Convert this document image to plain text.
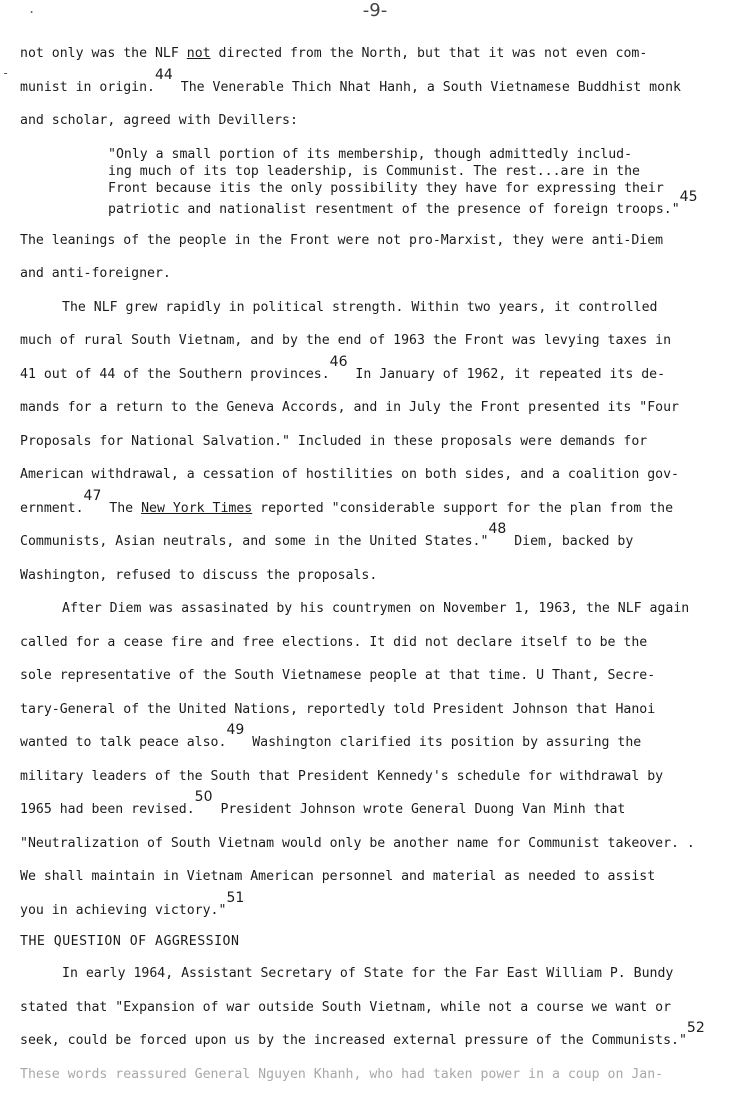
-9-
.
-
not only was the NLF not directed from the North, but that it was not even com-
munist in origin.$^{44}$ The Venerable Thich Nhat Hanh, a South Vietnamese Buddhist monk
and scholar, agreed with Devillers:
"Only a small portion of its membership, though admittedly includ-
ing much of its top leadership, is Communist. The rest...are in the
Front because itis the only possibility they have for expressing their
patriotic and nationalist resentment of the presence of foreign troops."$^{45}$
The leanings of the people in the Front were not pro-Marxist, they were anti-Diem
and anti-foreigner.
The NLF grew rapidly in political strength. Within two years, it controlled
much of rural South Vietnam, and by the end of 1963 the Front was levying taxes in
41 out of 44 of the Southern provinces.$^{46}$ In January of 1962, it repeated its de-
mands for a return to the Geneva Accords, and in July the Front presented its "Four
Proposals for National Salvation." Included in these proposals were demands for
American withdrawal, a cessation of hostilities on both sides, and a coalition gov-
ernment.$^{47}$ The New York Times reported "considerable support for the plan from the
Communists, Asian neutrals, and some in the United States."$^{48}$ Diem, backed by
Washington, refused to discuss the proposals.
After Diem was assasinated by his countrymen on November 1, 1963, the NLF again
called for a cease fire and free elections. It did not declare itself to be the
sole representative of the South Vietnamese people at that time. U Thant, Secre-
tary-General of the United Nations, reportedly told President Johnson that Hanoi
wanted to talk peace also.$^{49}$ Washington clarified its position by assuring the
military leaders of the South that President Kennedy's schedule for withdrawal by
1965 had been revised.$^{50}$ President Johnson wrote General Duong Van Minh that
"Neutralization of South Vietnam would only be another name for Communist takeover. .
We shall maintain in Vietnam American personnel and material as needed to assist
you in achieving victory."$^{51}$
THE QUESTION OF AGGRESSION
In early 1964, Assistant Secretary of State for the Far East William P. Bundy
stated that "Expansion of war outside South Vietnam, while not a course we want or
seek, could be forced upon us by the increased external pressure of the Communists."$^{52}$
These words reassured General Nguyen Khanh, who had taken power in a coup on Jan-
